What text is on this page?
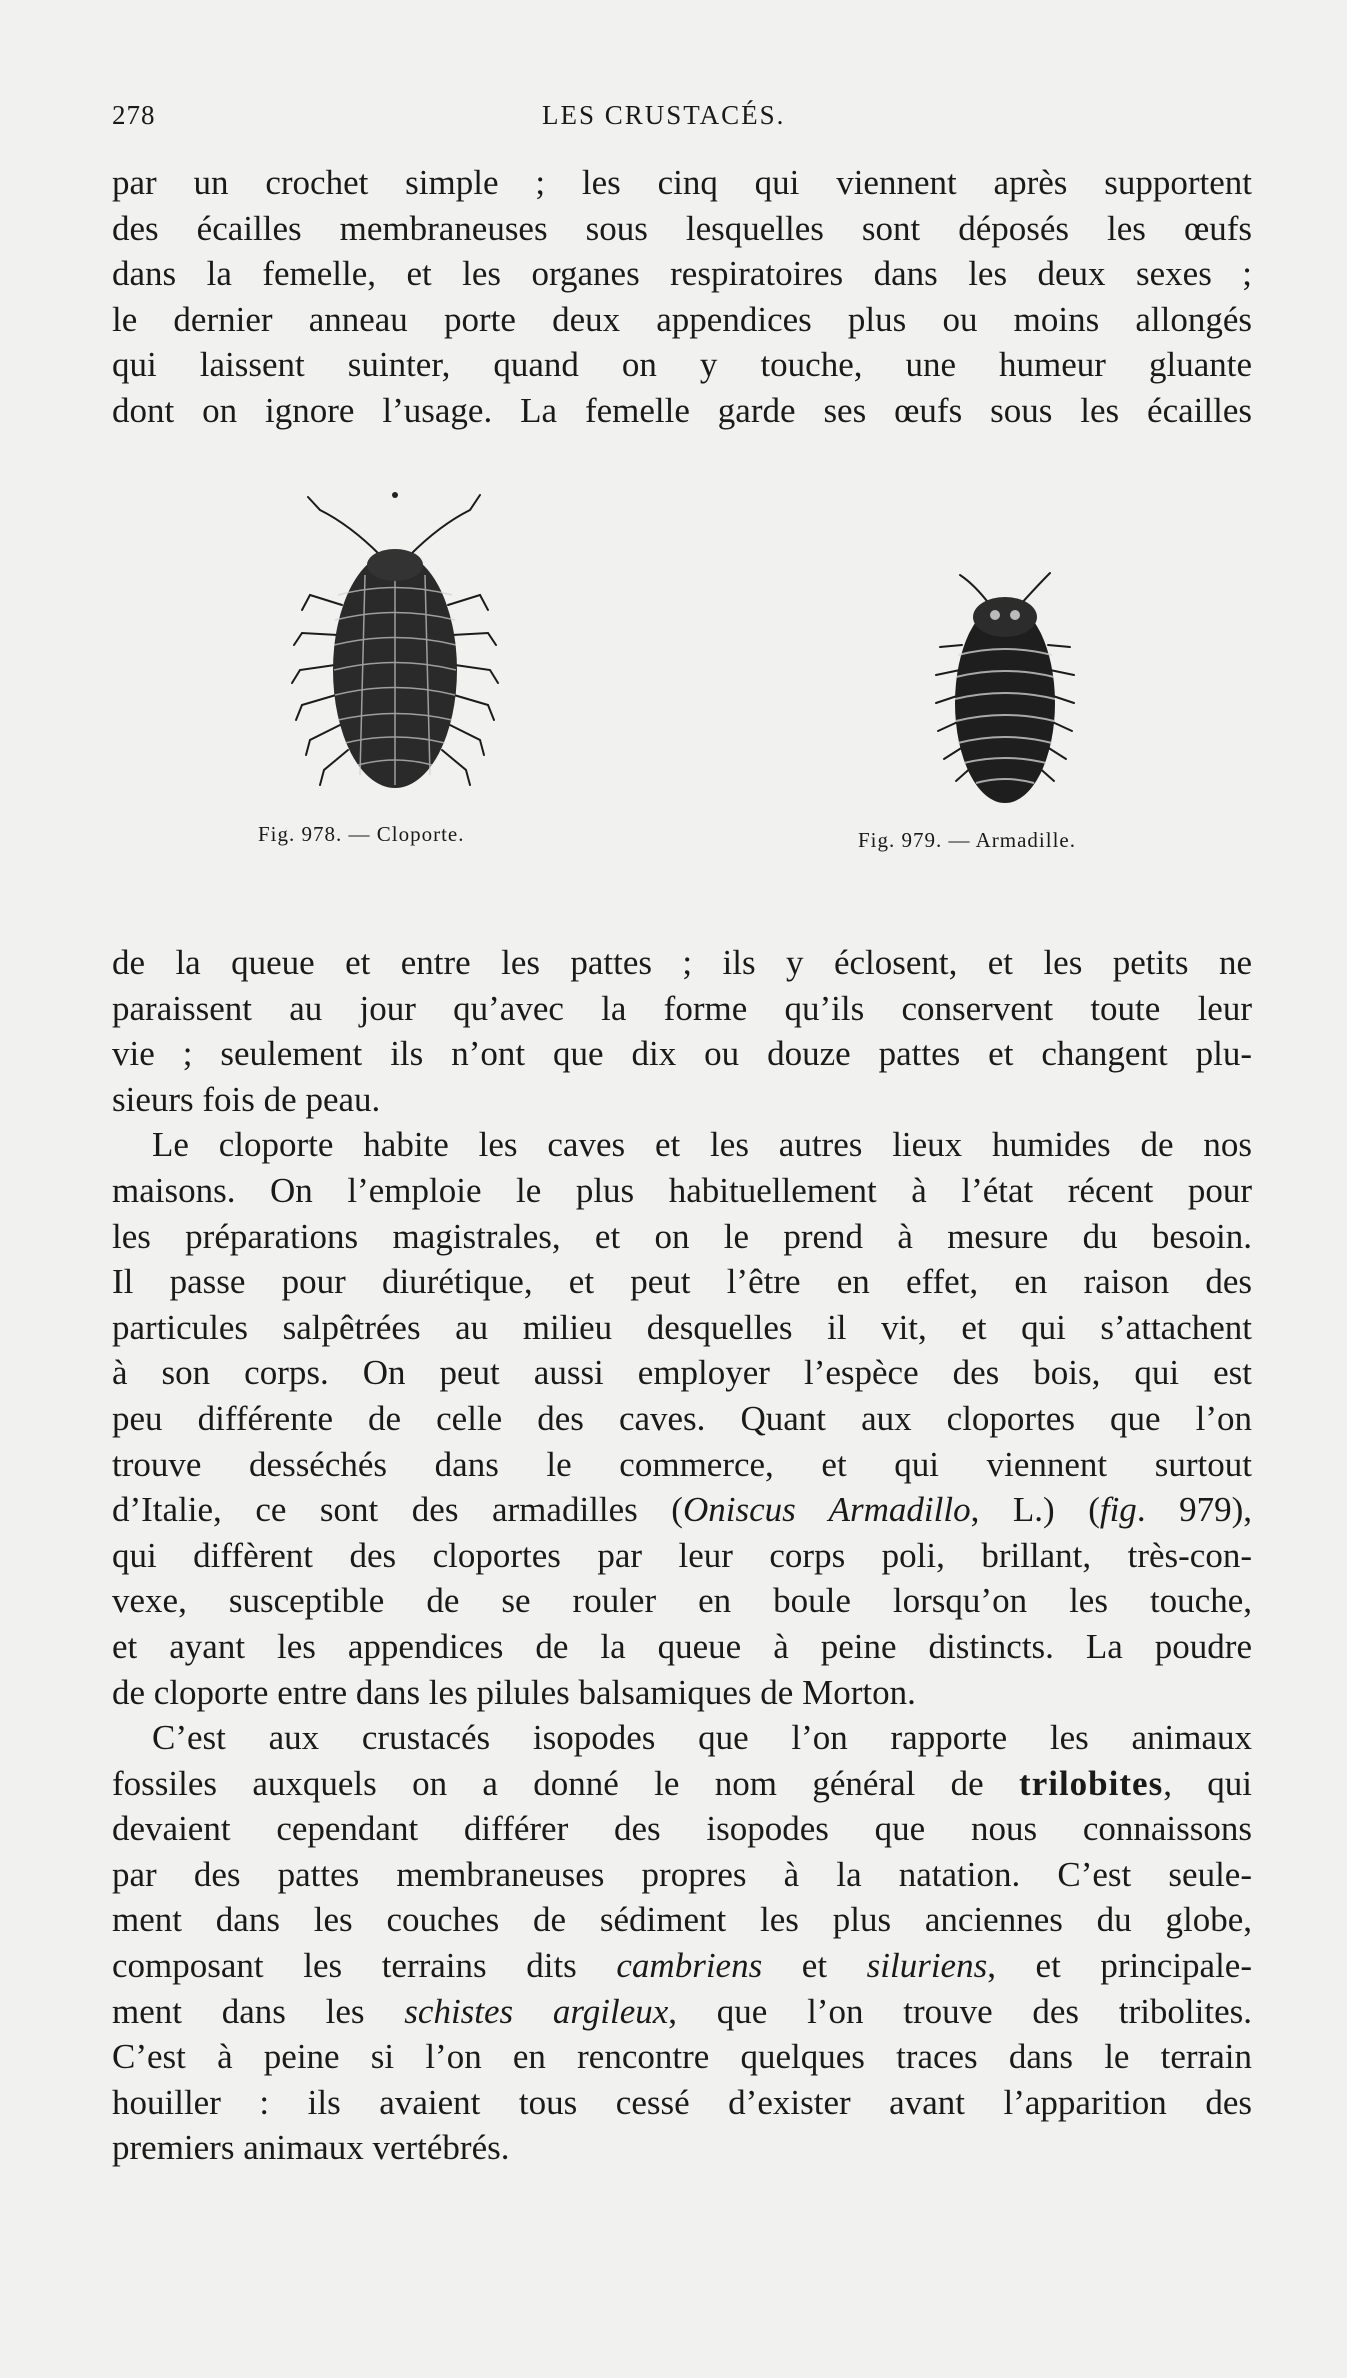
278	LES CRUSTACÉS.
par un crochet simple ; les cinq qui viennent après supportent
des écailles membraneuses sous lesquelles sont déposés les œufs
dans la femelle, et les organes respiratoires dans les deux sexes ;
le dernier anneau porte deux appendices plus ou moins allongés
qui laissent suinter, quand on y touche, une humeur gluante
dont on ignore l’usage. La femelle garde ses œufs sous les écailles
Fig. 978. — Cloporte.	Fig. 979. — Armadille.
de la queue et entre les pattes ; ils y éclosent, et les petits ne
paraissent au jour qu’avec la forme qu’ils conservent toute leur
vie ; seulement ils n’ont que dix ou douze pattes et changent plu-
sieurs fois de peau.
Le cloporte habite les caves et les autres lieux humides de nos
maisons. On l’emploie le plus habituellement à l’état récent pour
les préparations magistrales, et on le prend à mesure du besoin.
Il passe pour diurétique, et peut l’être en effet, en raison des
particules salpêtrées au milieu desquelles il vit, et qui s’attachent
à son corps. On peut aussi employer l’espèce des bois, qui est
peu différente de celle des caves. Quant aux cloportes que l’on
trouve desséchés dans le commerce, et qui viennent surtout
d’Italie, ce sont des armadilles (Oniscus Armadillo, L.) (fig. 979),
qui diffèrent des cloportes par leur corps poli, brillant, très-con-
vexe, susceptible de se rouler en boule lorsqu’on les touche,
et ayant les appendices de la queue à peine distincts. La poudre
de cloporte entre dans les pilules balsamiques de Morton.
C’est aux crustacés isopodes que l’on rapporte les animaux
fossiles auxquels on a donné le nom général de trilobites, qui
devaient cependant différer des isopodes que nous connaissons
par des pattes membraneuses propres à la natation. C’est seule-
ment dans les couches de sédiment les plus anciennes du globe,
composant les terrains dits cambriens et siluriens, et principale-
ment dans les schistes argileux, que l’on trouve des tribolites.
C’est à peine si l’on en rencontre quelques traces dans le terrain
houiller : ils avaient tous cessé d’exister avant l’apparition des
premiers animaux vertébrés.
